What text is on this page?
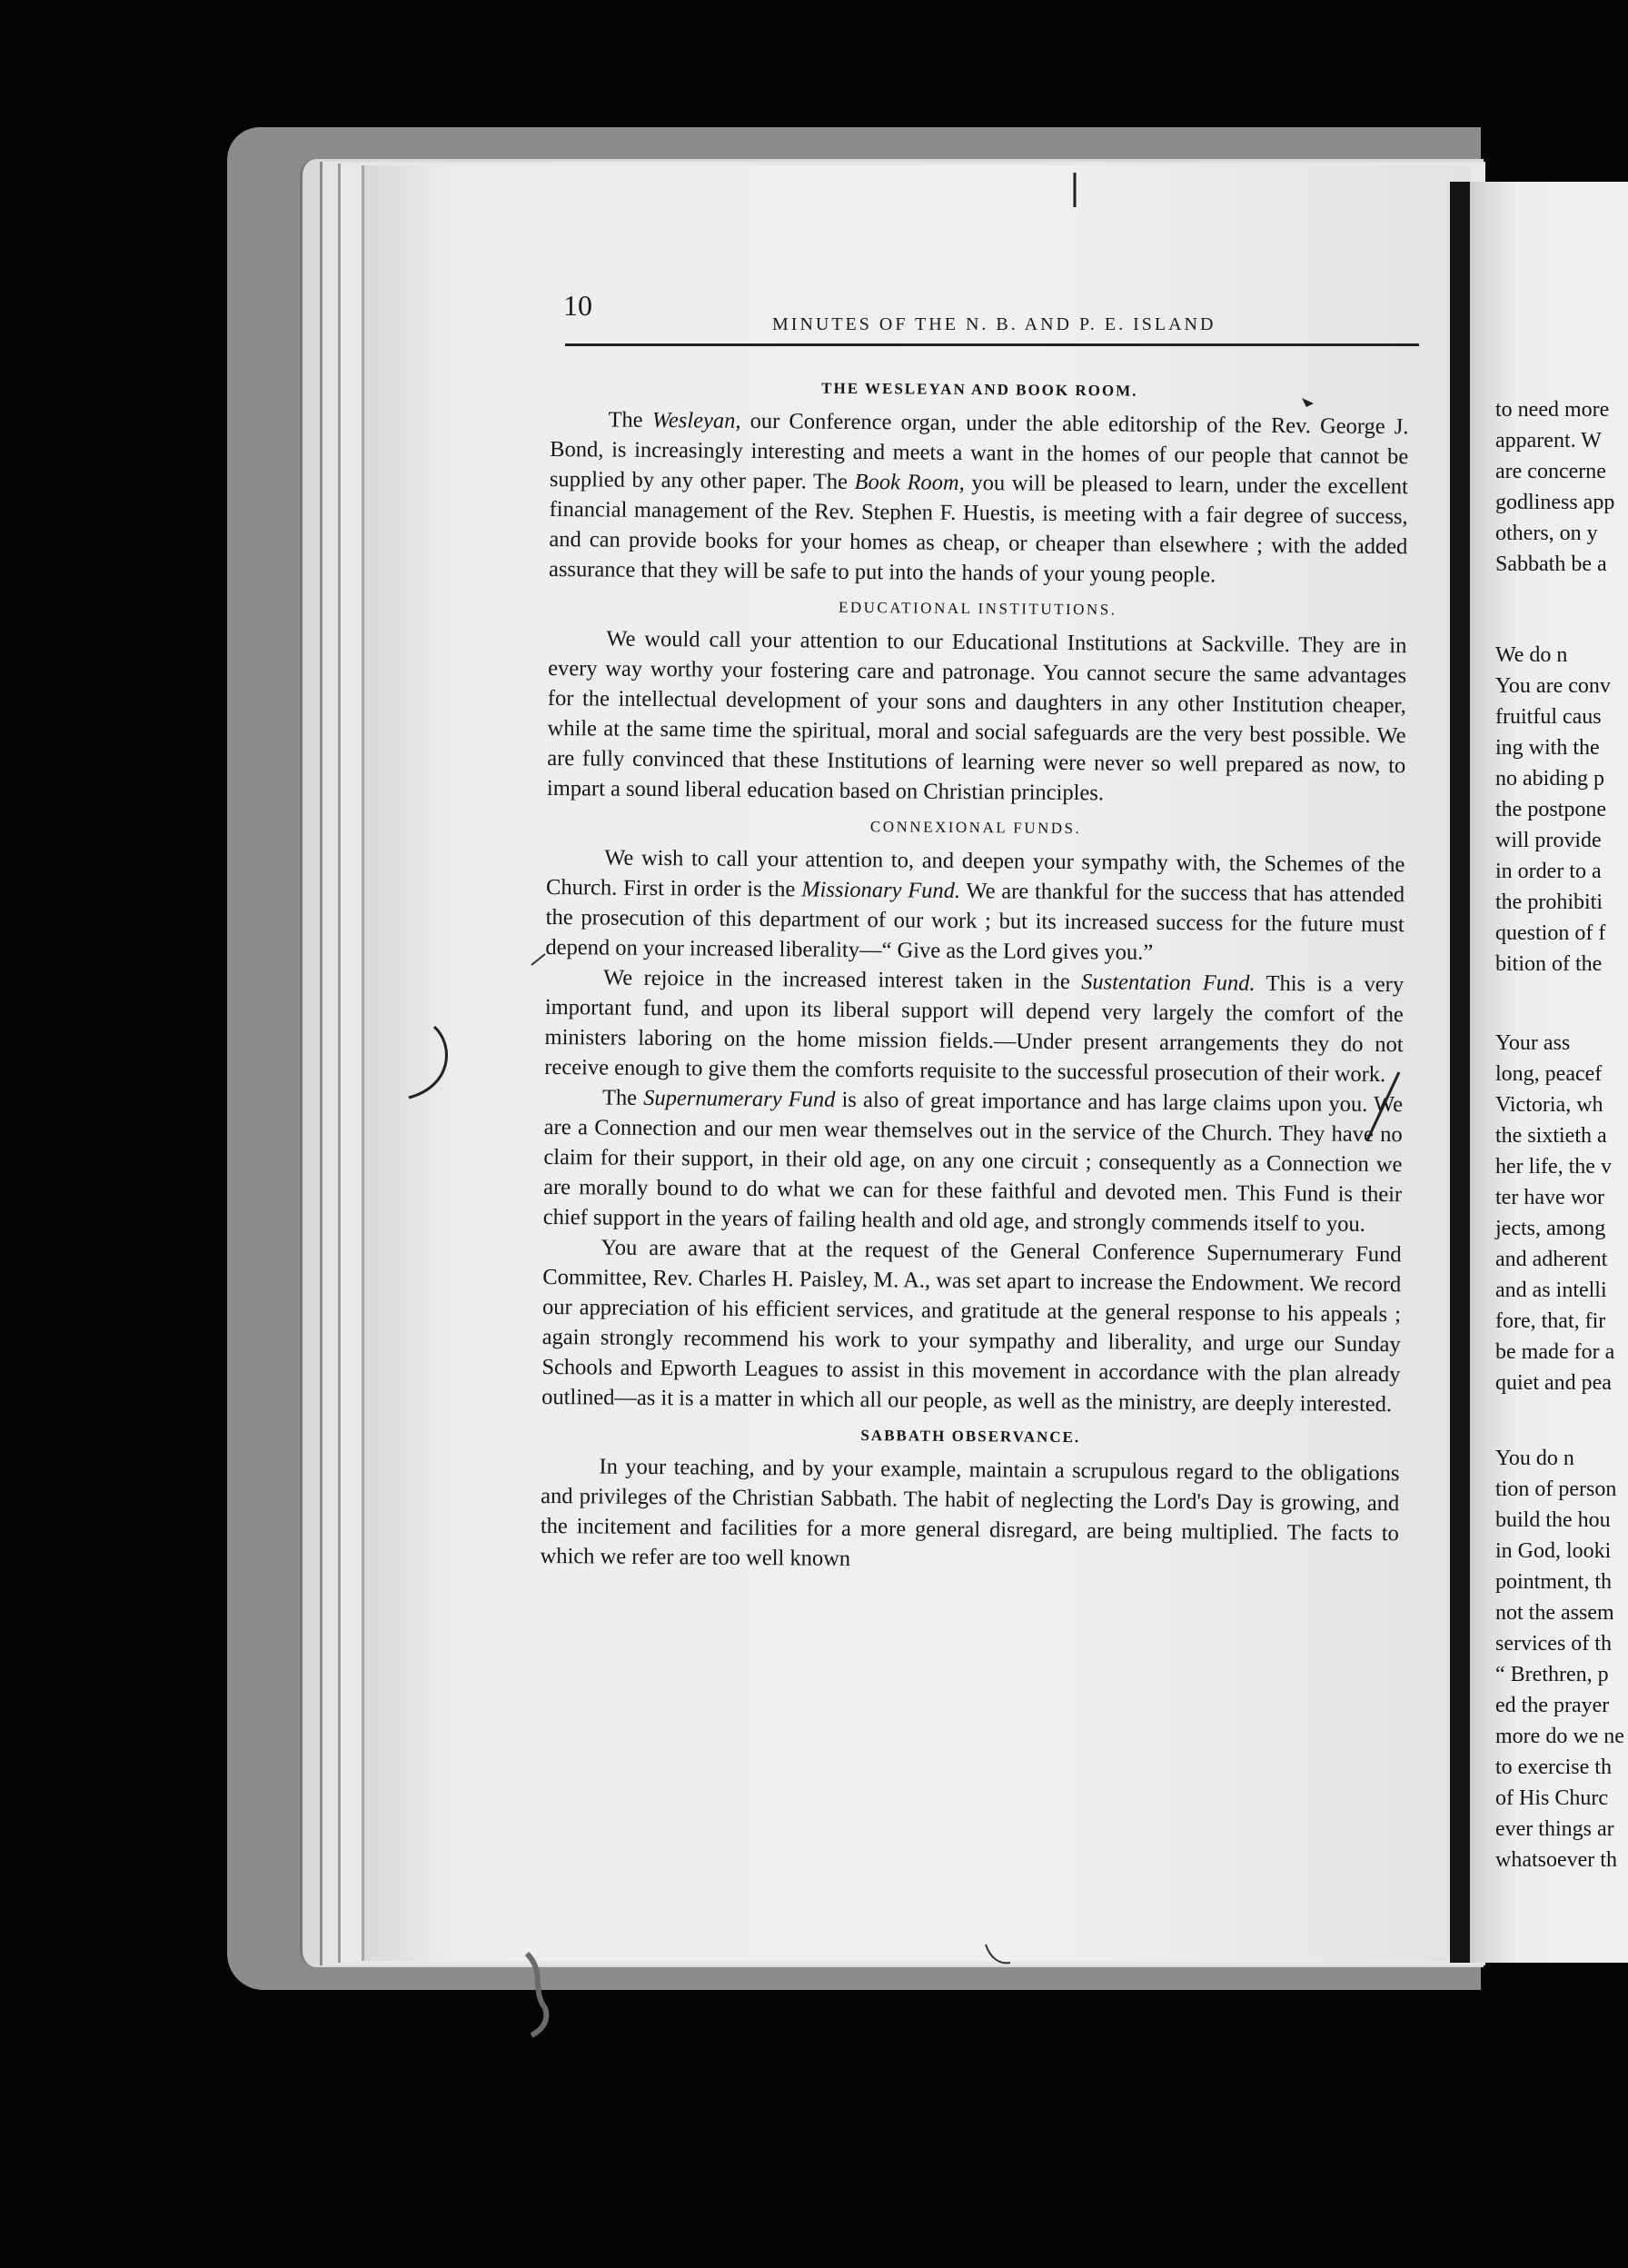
to need more
apparent. W
are concerne
godliness app
others, on y
Sabbath be a
We do n
You are conv
fruitful caus
ing with the
no abiding p
the postpone
will provide
in order to a
the prohibiti
question of f
bition of the
Your ass
long, peacef
Victoria, wh
the sixtieth a
her life, the v
ter have wor
jects, among
and adherent
and as intelli
fore, that, fir
be made for a
quiet and pea
You do n
tion of person
build the hou
in God, looki
pointment, th
not the assem
services of th
“ Brethren, p
ed the prayer
more do we ne
to exercise th
of His Churc
ever things ar
whatsoever th
10
MINUTES OF THE N. B. AND P. E. ISLAND
THE WESLEYAN AND BOOK ROOM.

The Wesleyan, our Conference organ, under the able editorship of the Rev. George J. Bond, is increasingly interesting and meets a want in the homes of our people that cannot be supplied by any other paper. The Book Room, you will be pleased to learn, under the excellent financial management of the Rev. Stephen F. Huestis, is meeting with a fair degree of success, and can provide books for your homes as cheap, or cheaper than elsewhere ; with the added assurance that they will be safe to put into the hands of your young people.

EDUCATIONAL INSTITUTIONS.

We would call your attention to our Educational Institutions at Sackville. They are in every way worthy your fostering care and patronage. You cannot secure the same advantages for the intellectual development of your sons and daughters in any other Institution cheaper, while at the same time the spiritual, moral and social safeguards are the very best possible. We are fully convinced that these Institutions of learning were never so well prepared as now, to impart a sound liberal education based on Christian principles.

CONNEXIONAL FUNDS.

We wish to call your attention to, and deepen your sympathy with, the Schemes of the Church. First in order is the Missionary Fund. We are thankful for the success that has attended the prosecution of this department of our work ; but its increased success for the future must depend on your increased liberality—“ Give as the Lord gives you.”

We rejoice in the increased interest taken in the Sustentation Fund. This is a very important fund, and upon its liberal support will depend very largely the comfort of the ministers laboring on the home mission fields.—Under present arrangements they do not receive enough to give them the comforts requisite to the successful prosecution of their work.

The Supernumerary Fund is also of great importance and has large claims upon you. We are a Connection and our men wear themselves out in the service of the Church. They have no claim for their support, in their old age, on any one circuit ; consequently as a Connection we are morally bound to do what we can for these faithful and devoted men. This Fund is their chief support in the years of failing health and old age, and strongly commends itself to you.

You are aware that at the request of the General Conference Supernumerary Fund Committee, Rev. Charles H. Paisley, M. A., was set apart to increase the Endowment. We record our appreciation of his efficient services, and gratitude at the general response to his appeals ; again strongly recommend his work to your sympathy and liberality, and urge our Sunday Schools and Epworth Leagues to assist in this movement in accordance with the plan already outlined—as it is a matter in which all our people, as well as the ministry, are deeply interested.

SABBATH OBSERVANCE.

In your teaching, and by your example, maintain a scrupulous regard to the obligations and privileges of the Christian Sabbath. The habit of neglecting the Lord's Day is growing, and the incitement and facilities for a more general disregard, are being multiplied. The facts to which we refer are too well known
